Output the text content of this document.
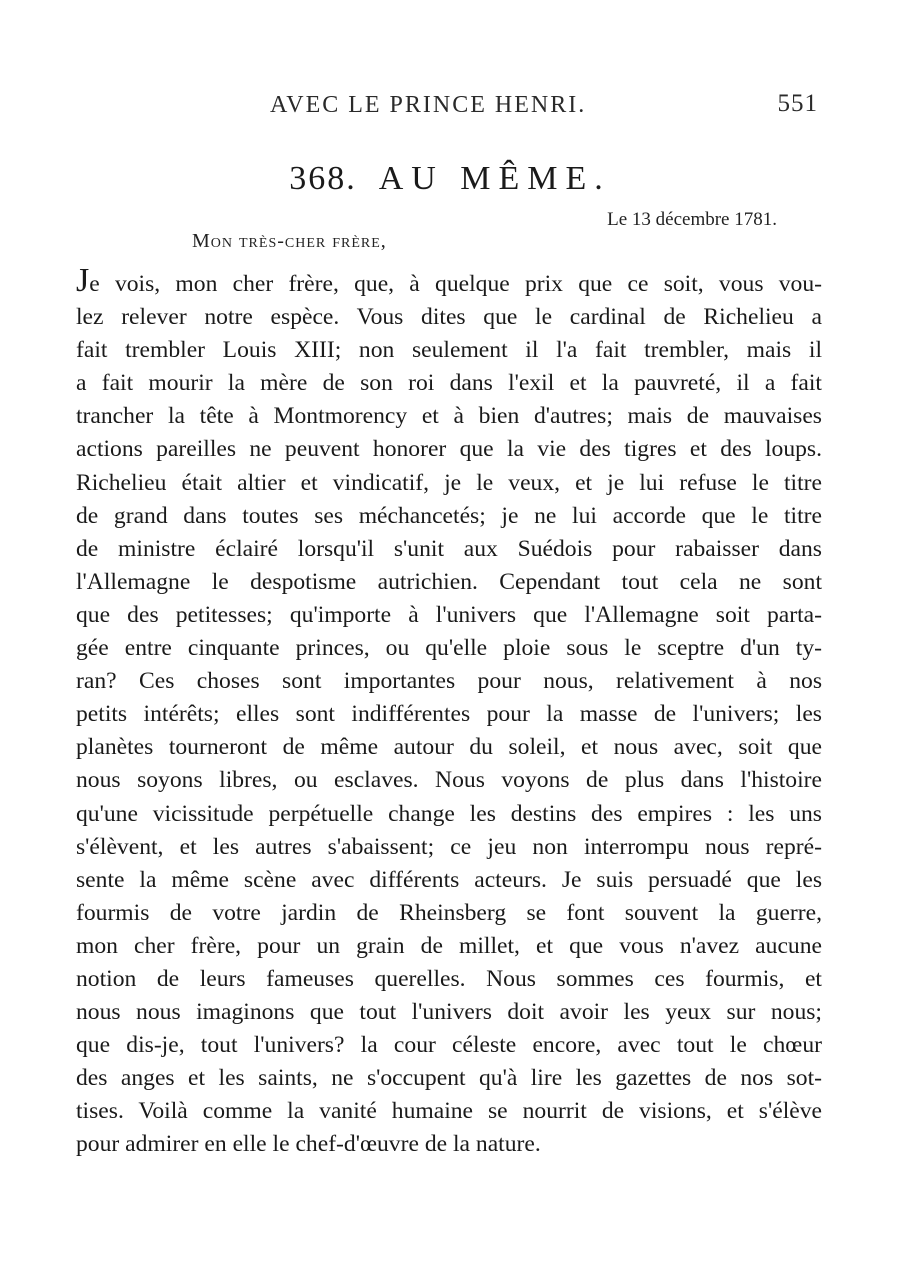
AVEC LE PRINCE HENRI.	551
368. AU MÊME.
Le 13 décembre 1781.
Mon très-cher frère,
Je vois, mon cher frère, que, à quelque prix que ce soit, vous vou-
lez relever notre espèce. Vous dites que le cardinal de Richelieu a
fait trembler Louis XIII; non seulement il l'a fait trembler, mais il
a fait mourir la mère de son roi dans l'exil et la pauvreté, il a fait
trancher la tête à Montmorency et à bien d'autres; mais de mauvaises
actions pareilles ne peuvent honorer que la vie des tigres et des loups.
Richelieu était altier et vindicatif, je le veux, et je lui refuse le titre
de grand dans toutes ses méchancetés; je ne lui accorde que le titre
de ministre éclairé lorsqu'il s'unit aux Suédois pour rabaisser dans
l'Allemagne le despotisme autrichien. Cependant tout cela ne sont
que des petitesses; qu'importe à l'univers que l'Allemagne soit parta-
gée entre cinquante princes, ou qu'elle ploie sous le sceptre d'un ty-
ran? Ces choses sont importantes pour nous, relativement à nos
petits intérêts; elles sont indifférentes pour la masse de l'univers; les
planètes tourneront de même autour du soleil, et nous avec, soit que
nous soyons libres, ou esclaves. Nous voyons de plus dans l'histoire
qu'une vicissitude perpétuelle change les destins des empires : les uns
s'élèvent, et les autres s'abaissent; ce jeu non interrompu nous repré-
sente la même scène avec différents acteurs. Je suis persuadé que les
fourmis de votre jardin de Rheinsberg se font souvent la guerre,
mon cher frère, pour un grain de millet, et que vous n'avez aucune
notion de leurs fameuses querelles. Nous sommes ces fourmis, et
nous nous imaginons que tout l'univers doit avoir les yeux sur nous;
que dis-je, tout l'univers? la cour céleste encore, avec tout le chœur
des anges et les saints, ne s'occupent qu'à lire les gazettes de nos sot-
tises. Voilà comme la vanité humaine se nourrit de visions, et s'élève
pour admirer en elle le chef-d'œuvre de la nature.
